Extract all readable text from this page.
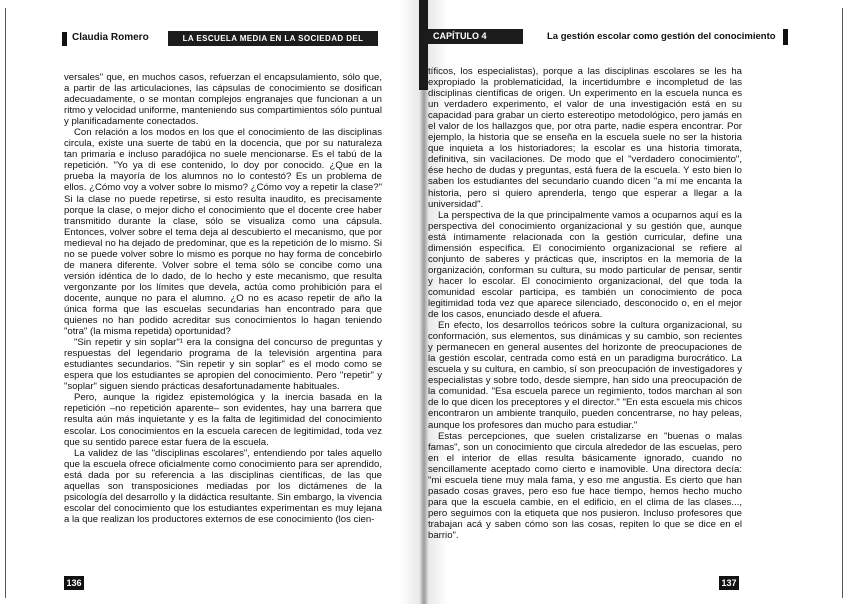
Claudia Romero	LA ESCUELA MEDIA EN LA SOCIEDAD DEL CONOCIMIENTO

versales" que, en muchos casos, refuerzan el encapsulamiento, sólo que, a partir de las articulaciones, las cápsulas de conocimiento se dosifican adecuadamente, o se montan complejos engranajes que funcionan a un ritmo y velocidad uniforme, manteniendo sus compartimientos sólo puntual y planificadamente conectados.

Con relación a los modos en los que el conocimiento de las disciplinas circula, existe una suerte de tabú en la docencia, que por su naturaleza tan primaria e incluso paradójica no suele mencionarse. Es el tabú de la repetición. "Yo ya di ese contenido, lo doy por conocido. ¿Que en la prueba la mayoría de los alumnos no lo contestó? Es un problema de ellos. ¿Cómo voy a volver sobre lo mismo? ¿Cómo voy a repetir la clase?" Si la clase no puede repetirse, si esto resulta inaudito, es precisamente porque la clase, o mejor dicho el conocimiento que el docente cree haber transmitido durante la clase, sólo se visualiza como una cápsula. Entonces, volver sobre el tema deja al descubierto el mecanismo, que por medieval no ha dejado de predominar, que es la repetición de lo mismo. Si no se puede volver sobre lo mismo es porque no hay forma de concebirlo de manera diferente. Volver sobre el tema sólo se concibe como una versión idéntica de lo dado, de lo hecho y este mecanismo, que resulta vergonzante por los límites que devela, actúa como prohibición para el docente, aunque no para el alumno. ¿O no es acaso repetir de año la única forma que las escuelas secundarias han encontrado para que quienes no han podido acreditar sus conocimientos lo hagan teniendo "otra" (la misma repetida) oportunidad?

"Sin repetir y sin soplar"¹ era la consigna del concurso de preguntas y respuestas del legendario programa de la televisión argentina para estudiantes secundarios. "Sin repetir y sin soplar" es el modo como se espera que los estudiantes se apropien del conocimiento. Pero "repetir" y "soplar" siguen siendo prácticas desafortunadamente habituales.

Pero, aunque la rigidez epistemológica y la inercia basada en la repetición –no repetición aparente– son evidentes, hay una barrera que resulta aún más inquietante y es la falta de legitimidad del conocimiento escolar. Los conocimientos en la escuela carecen de legitimidad, toda vez que su sentido parece estar fuera de la escuela.

La validez de las "disciplinas escolares", entendiendo por tales aquello que la escuela ofrece oficialmente como conocimiento para ser aprendido, está dada por su referencia a las disciplinas científicas, de las que aquellas son transposiciones mediadas por los dictámenes de la psicología del desarrollo y la didáctica resultante. Sin embargo, la vivencia escolar del conocimiento que los estudiantes experimentan es muy lejana a la que realizan los productores externos de ese conocimiento (los cien-

136
CAPÍTULO 4	La gestión escolar como gestión del conocimiento

tíficos, los especialistas), porque a las disciplinas escolares se les ha expropiado la problematicidad, la incertidumbre e incompletud de las disciplinas científicas de origen. Un experimento en la escuela nunca es un verdadero experimento, el valor de una investigación está en su capacidad para grabar un cierto estereotipo metodológico, pero jamás en el valor de los hallazgos que, por otra parte, nadie espera encontrar. Por ejemplo, la historia que se enseña en la escuela suele no ser la historia que inquieta a los historiadores; la escolar es una historia timorata, definitiva, sin vacilaciones. De modo que el "verdadero conocimiento", ése hecho de dudas y preguntas, está fuera de la escuela. Y esto bien lo saben los estudiantes del secundario cuando dicen "a mí me encanta la historia, pero si quiero aprenderla, tengo que esperar a llegar a la universidad".

La perspectiva de la que principalmente vamos a ocuparnos aquí es la perspectiva del conocimiento organizacional y su gestión que, aunque está íntimamente relacionada con la gestión curricular, define una dimensión específica. El conocimiento organizacional se refiere al conjunto de saberes y prácticas que, inscriptos en la memoria de la organización, conforman su cultura, su modo particular de pensar, sentir y hacer lo escolar. El conocimiento organizacional, del que toda la comunidad escolar participa, es también un conocimiento de poca legitimidad toda vez que aparece silenciado, desconocido o, en el mejor de los casos, enunciado desde el afuera.

En efecto, los desarrollos teóricos sobre la cultura organizacional, su conformación, sus elementos, sus dinámicas y su cambio, son recientes y permanecen en general ausentes del horizonte de preocupaciones de la gestión escolar, centrada como está en un paradigma burocrático. La escuela y su cultura, en cambio, sí son preocupación de investigadores y especialistas y sobre todo, desde siempre, han sido una preocupación de la comunidad. "Esa escuela parece un regimiento, todos marchan al son de lo que dicen los preceptores y el director." "En esta escuela mis chicos encontraron un ambiente tranquilo, pueden concentrarse, no hay peleas, aunque los profesores dan mucho para estudiar."

Estas percepciones, que suelen cristalizarse en "buenas o malas famas", son un conocimiento que circula alrededor de las escuelas, pero en el interior de ellas resulta básicamente ignorado, cuando no sencillamente aceptado como cierto e inamovible. Una directora decía: "mi escuela tiene muy mala fama, y eso me angustia. Es cierto que han pasado cosas graves, pero eso fue hace tiempo, hemos hecho mucho para que la escuela cambie, en el edificio, en el clima de las clases..., pero seguimos con la etiqueta que nos pusieron. Incluso profesores que trabajan acá y saben cómo son las cosas, repiten lo que se dice en el barrio".

137
